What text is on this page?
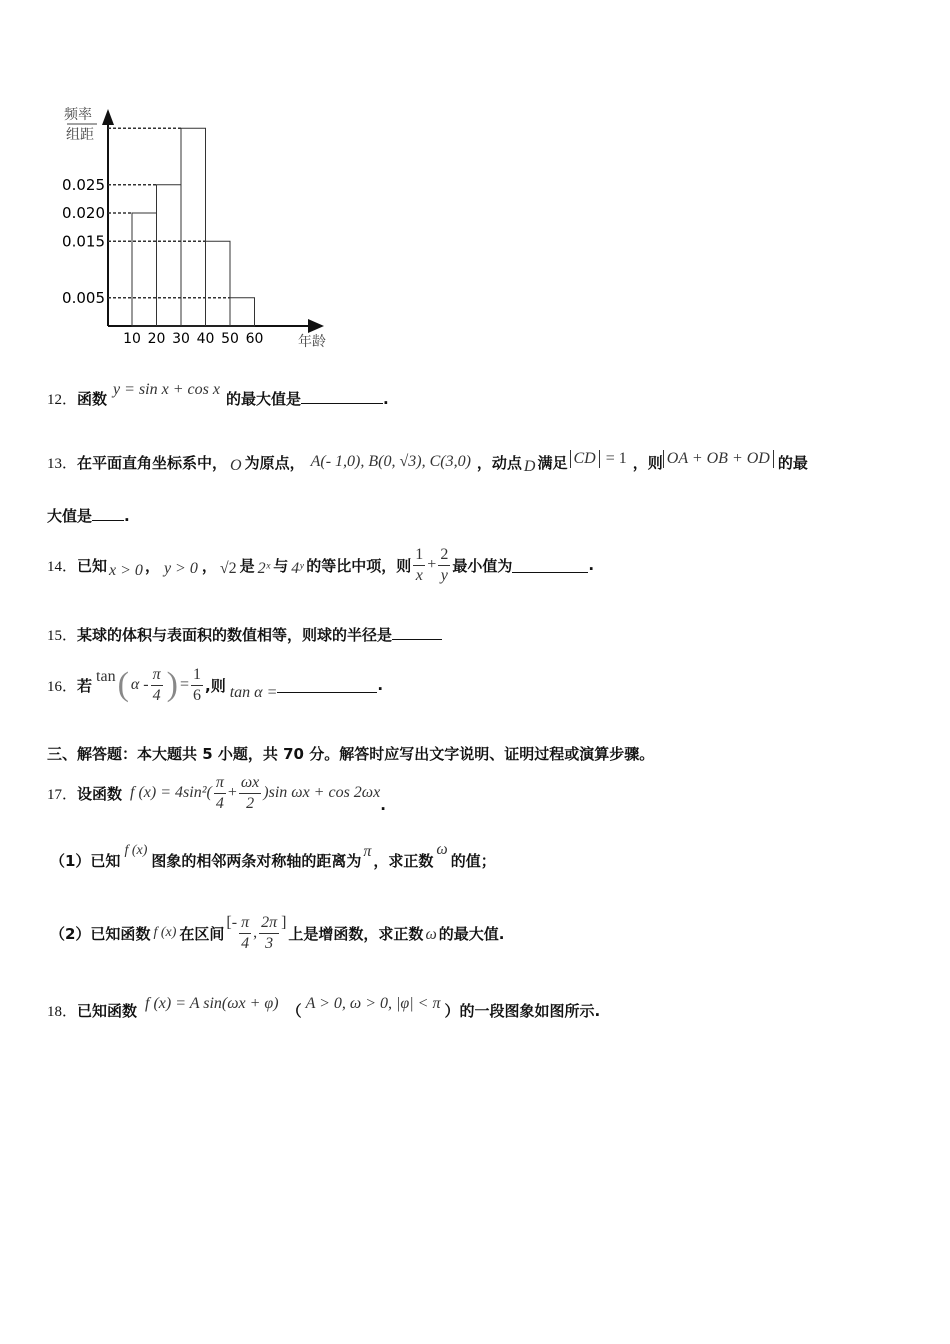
频率
组距
10 20 30 40 50 60
0.025
0.020
0.015
0.005
年龄
12． 函数
y = sin x + cos x
的最大值是	.
13． 在平面直角坐标系中， O 为原点， A(- 1,0), B(0, √3), C(3,0) ，动点 D 满足 CD = 1 ，则 OA + OB + OD 的最
大值是 .
14． 已知 x > 0 ， y > 0 ， √2 是 2ˣ 与 4ʸ 的等比中项，则 $\frac{1}{x} + \frac{2}{y}$ 最小值为	.
15． 某球的体积与表面积的数值相等，则球的半径是
16． 若 tan ( α - $\frac{\pi}{4}$ ) = $\frac{1}{6}$ ,则 tan α =	.
三、解答题：本大题共 5 小题，共 70 分。解答时应写出文字说明、证明过程或演算步骤。
17． 设函数 f $(x) = 4\sin^2( \frac{\pi}{4} + \frac{\omega x}{2} )\sin$ ωx + cos 2ωx
.
（1）已知
f (x)
图象的相邻两条对称轴的距离为
π
，求正数
ω
的值；
（2）已知函数 f (x) 在区间
[- $\frac{\pi}{4}$ , $\frac{2\pi}{3}$ ]
上是增函数，求正数 ω 的最大值.
18． 已知函数 f (x) = A sin(ωx + φ) （ A > 0, ω > 0, |φ| < π ）的一段图象如图所示.
